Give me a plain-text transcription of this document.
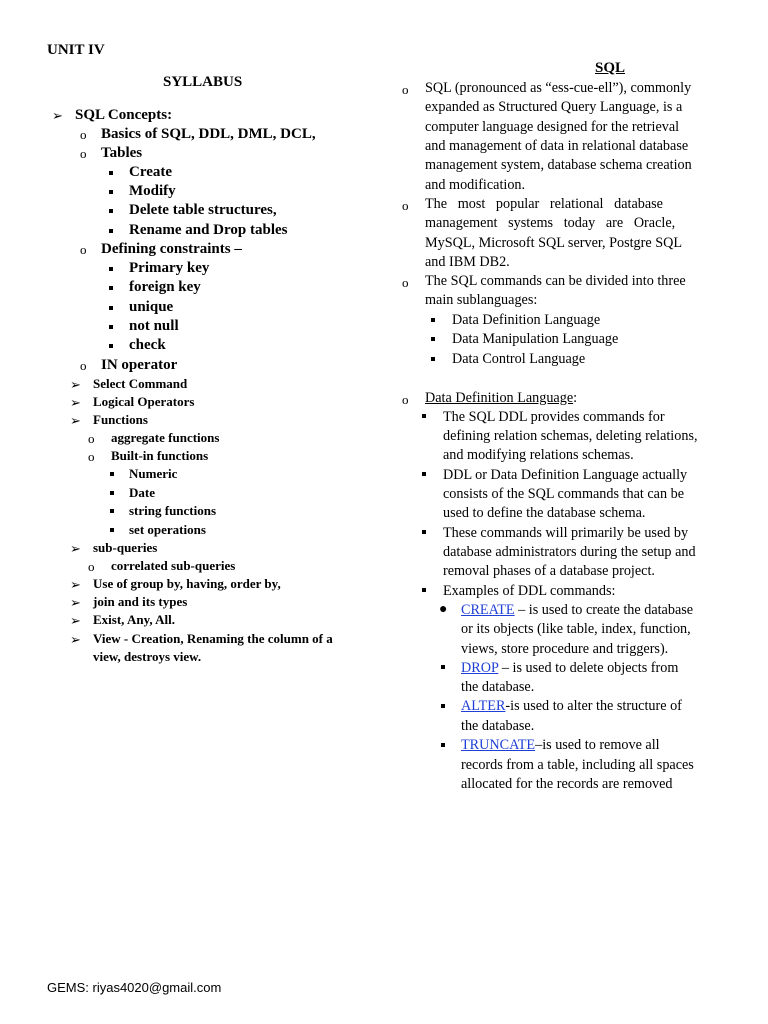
UNIT IV
SYLLABUS
➢ SQL Concepts:
o Basics of SQL, DDL, DML, DCL,
o Tables
Create
Modify
Delete table structures,
Rename and Drop tables
o Defining constraints –
Primary key
foreign key
unique
not null
check
o IN operator
➢ Select Command
➢ Logical Operators
➢ Functions
o aggregate functions
o Built-in functions
Numeric
Date
string functions
set operations
➢ sub-queries
o correlated sub-queries
➢ Use of group by, having, order by,
➢ join and its types
➢ Exist, Any, All.
➢ View - Creation, Renaming the column of a
view, destroys view.
SQL
o SQL (pronounced as “ess-cue-ell”), commonly
expanded as Structured Query Language, is a
computer language designed for the retrieval
and management of data in relational database
management system, database schema creation
and modification.
o The   most   popular   relational   database
management   systems   today   are   Oracle,
MySQL, Microsoft SQL server, Postgre SQL
and IBM DB2.
o The SQL commands can be divided into three
main sublanguages:
Data Definition Language
Data Manipulation Language
Data Control Language
o Data Definition Language:
The SQL DDL provides commands for
defining relation schemas, deleting relations,
and modifying relations schemas.
DDL or Data Definition Language actually
consists of the SQL commands that can be
used to define the database schema.
These commands will primarily be used by
database administrators during the setup and
removal phases of a database project.
Examples of DDL commands:
● CREATE – is used to create the database
or its objects (like table, index, function,
views, store procedure and triggers).
DROP – is used to delete objects from
the database.
ALTER-is used to alter the structure of
the database.
TRUNCATE–is used to remove all
records from a table, including all spaces
allocated for the records are removed
GEMS: riyas4020@gmail.com
